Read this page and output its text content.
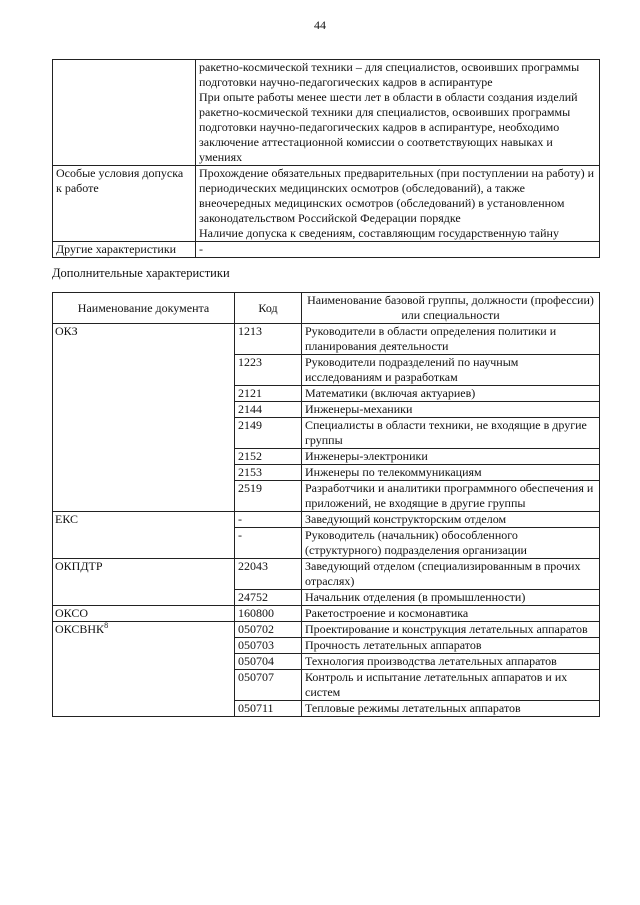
44

	ракетно-космической техники – для специалистов, освоивших программы подготовки научно-педагогических кадров в аспирантуре
При опыте работы менее шести лет в области в области создания изделий ракетно-космической техники для специалистов, освоивших программы подготовки научно-педагогических кадров в аспирантуре, необходимо заключение аттестационной комиссии о соответствующих навыках и умениях

Особые условия допуска к работе	Прохождение обязательных предварительных (при поступлении на работу) и периодических медицинских осмотров (обследований), а также внеочередных медицинских осмотров (обследований) в установленном законодательством Российской Федерации порядке
Наличие допуска к сведениям, составляющим государственную тайну

Другие характеристики	-
Дополнительные характеристики
Наименование документа	Код	Наименование базовой группы, должности (профессии) или специальности
ОКЗ	1213	Руководители в области определения политики и планирования деятельности
	1223	Руководители подразделений по научным исследованиям и разработкам
	2121	Математики (включая актуариев)
	2144	Инженеры-механики
	2149	Специалисты в области техники, не входящие в другие группы
	2152	Инженеры-электроники
	2153	Инженеры по телекоммуникациям
	2519	Разработчики и аналитики программного обеспечения и приложений, не входящие в другие группы
ЕКС	-	Заведующий конструкторским отделом
	-	Руководитель (начальник) обособленного (структурного) подразделения организации
ОКПДТР	22043	Заведующий отделом (специализированным в прочих отраслях)
	24752	Начальник отделения (в промышленности)
ОКСО	160800	Ракетостроение и космонавтика
ОКСВНК$^8$	050702	Проектирование и конструкция летательных аппаратов
	050703	Прочность летательных аппаратов
	050704	Технология производства летательных аппаратов
	050707	Контроль и испытание летательных аппаратов и их систем
	050711	Тепловые режимы летательных аппаратов
